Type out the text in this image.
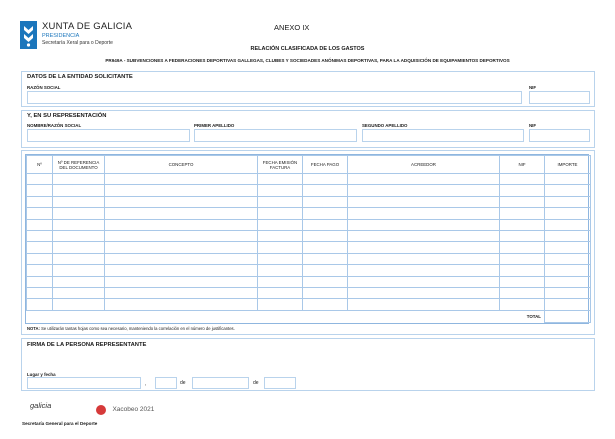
XUNTA DE GALICIA
PRESIDENCIA
Secretaría Xeral para o Deporte
ANEXO IX
RELACIÓN CLASIFICADA DE LOS GASTOS
PR949A - SUBVENCIONES A FEDERACIONES DEPORTIVAS GALLEGAS, CLUBES Y SOCIEDADES ANÓNIMAS DEPORTIVAS, PARA LA ADQUISICIÓN DE EQUIPAMIENTOS DEPORTIVOS
DATOS DE LA ENTIDAD SOLICITANTE
RAZÓN SOCIAL	NIF
Y, EN SU REPRESENTACIÓN
NOMBRE/RAZÓN SOCIAL	PRIMER APELLIDO	SEGUNDO APELLIDO	NIF
Nº	Nº DE REFERENCIA DEL DOCUMENTO	CONCEPTO	FECHA EMISIÓN FACTURA	FECHA PAGO	ACREEDOR	NIF	IMPORTE

						TOTAL	
NOTA: Se utilizarán tantas hojas como sea necesario, manteniendo la correlación en el número de justificantes.
FIRMA DE LA PERSONA REPRESENTANTE
Lugar y fecha
,	de	de
galicia	Xacobeo 2021
Secretaría General para el Deporte
